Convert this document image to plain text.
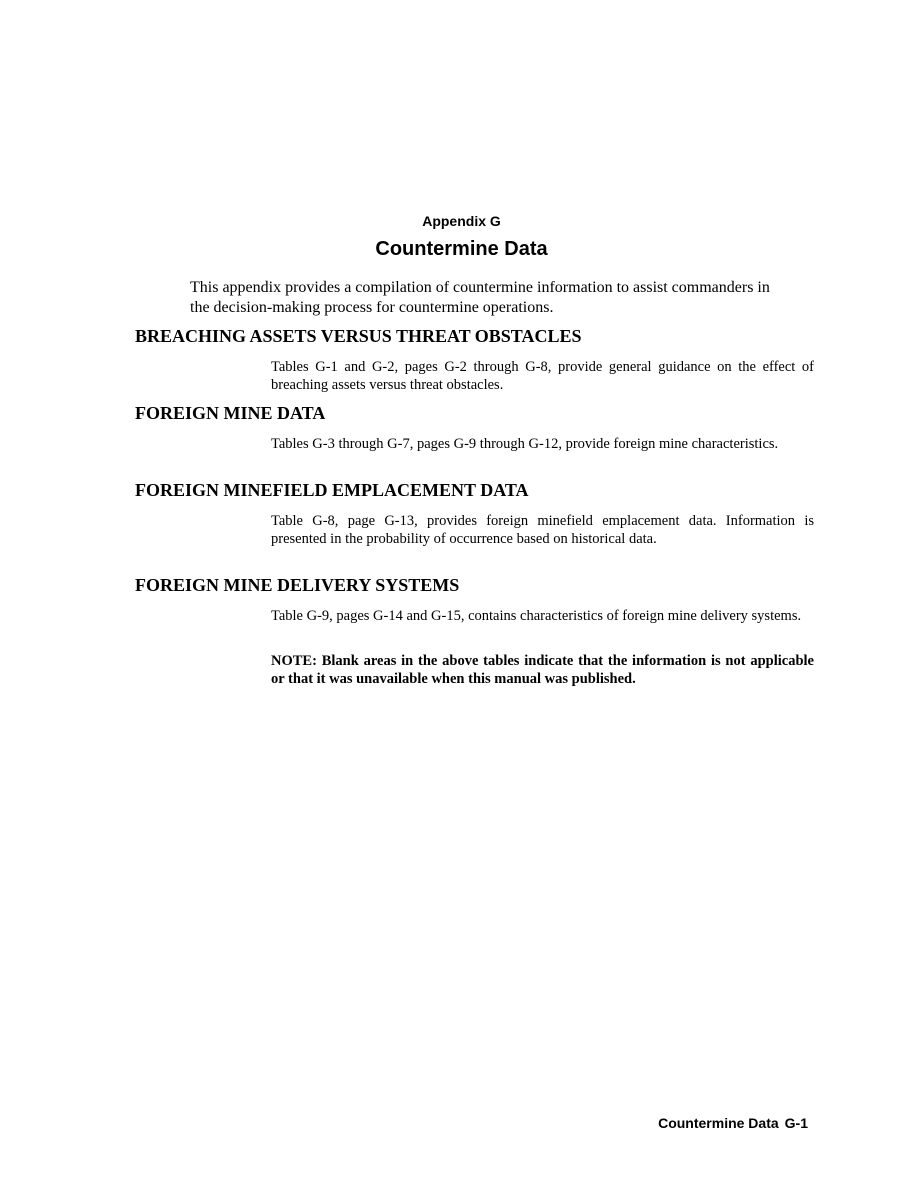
Appendix G
Countermine Data
This appendix provides a compilation of countermine information to assist commanders in the decision-making process for countermine operations.
BREACHING ASSETS VERSUS THREAT OBSTACLES
Tables G-1 and G-2, pages G-2 through G-8, provide general guidance on the effect of breaching assets versus threat obstacles.
FOREIGN MINE DATA
Tables G-3 through G-7, pages G-9 through G-12, provide foreign mine characteristics.
FOREIGN MINEFIELD EMPLACEMENT DATA
Table G-8, page G-13, provides foreign minefield emplacement data. Information is presented in the probability of occurrence based on historical data.
FOREIGN MINE DELIVERY SYSTEMS
Table G-9, pages G-14 and G-15, contains characteristics of foreign mine delivery systems.
NOTE: Blank areas in the above tables indicate that the information is not applicable or that it was unavailable when this manual was published.
Countermine Data G-1
